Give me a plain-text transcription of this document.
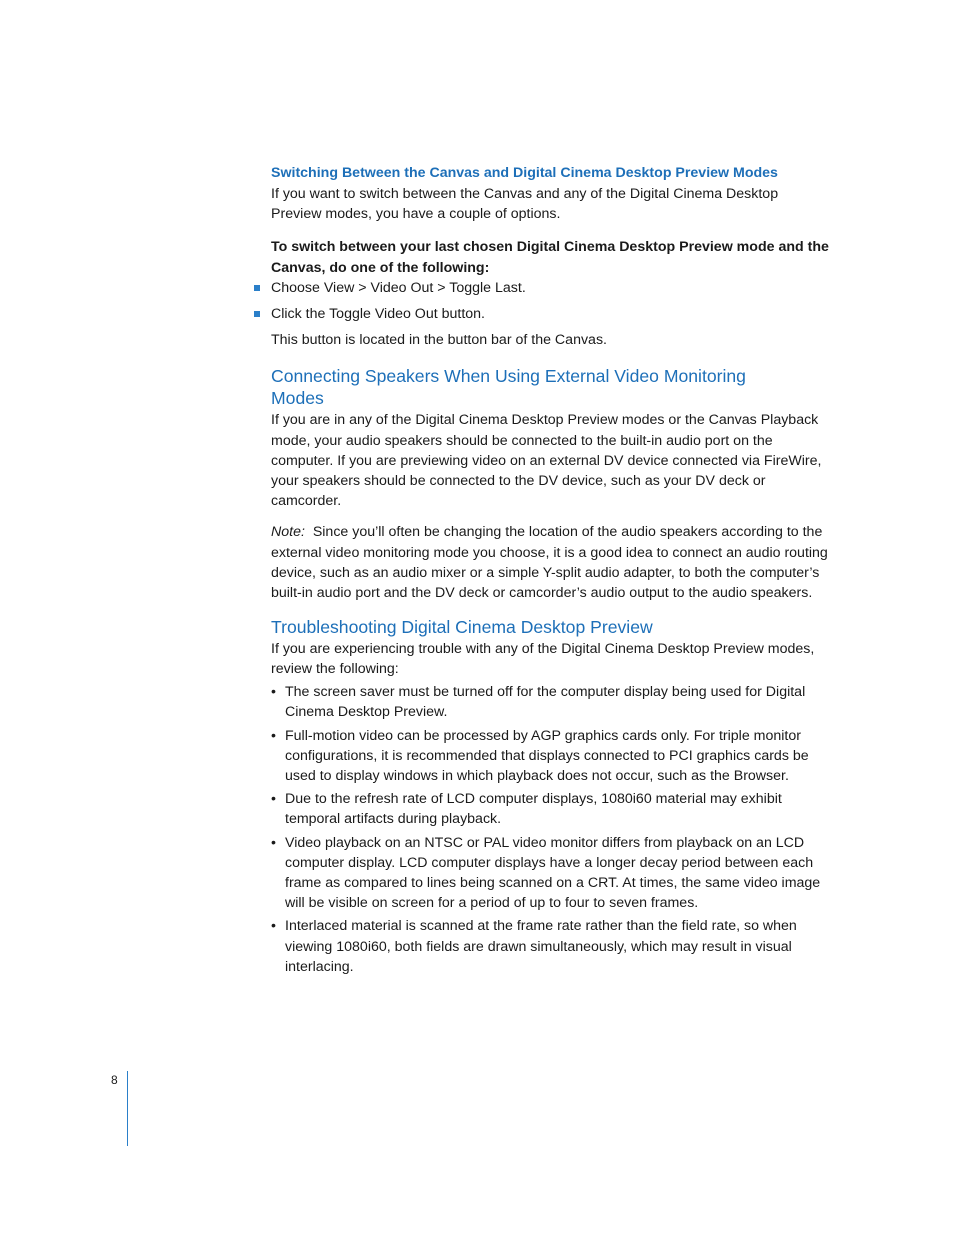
Switching Between the Canvas and Digital Cinema Desktop Preview Modes

If you want to switch between the Canvas and any of the Digital Cinema Desktop Preview modes, you have a couple of options.

To switch between your last chosen Digital Cinema Desktop Preview mode and the Canvas, do one of the following:

Choose View > Video Out > Toggle Last.
Click the Toggle Video Out button.

This button is located in the button bar of the Canvas.

Connecting Speakers When Using External Video Monitoring Modes

If you are in any of the Digital Cinema Desktop Preview modes or the Canvas Playback mode, your audio speakers should be connected to the built-in audio port on the computer. If you are previewing video on an external DV device connected via FireWire, your speakers should be connected to the DV device, such as your DV deck or camcorder.

Note: Since you’ll often be changing the location of the audio speakers according to the external video monitoring mode you choose, it is a good idea to connect an audio routing device, such as an audio mixer or a simple Y-split audio adapter, to both the computer’s built-in audio port and the DV deck or camcorder’s audio output to the audio speakers.

Troubleshooting Digital Cinema Desktop Preview

If you are experiencing trouble with any of the Digital Cinema Desktop Preview modes, review the following:

• The screen saver must be turned off for the computer display being used for Digital Cinema Desktop Preview.
• Full-motion video can be processed by AGP graphics cards only. For triple monitor configurations, it is recommended that displays connected to PCI graphics cards be used to display windows in which playback does not occur, such as the Browser.
• Due to the refresh rate of LCD computer displays, 1080i60 material may exhibit temporal artifacts during playback.
• Video playback on an NTSC or PAL video monitor differs from playback on an LCD computer display. LCD computer displays have a longer decay period between each frame as compared to lines being scanned on a CRT. At times, the same video image will be visible on screen for a period of up to four to seven frames.
• Interlaced material is scanned at the frame rate rather than the field rate, so when viewing 1080i60, both fields are drawn simultaneously, which may result in visual interlacing.
8
